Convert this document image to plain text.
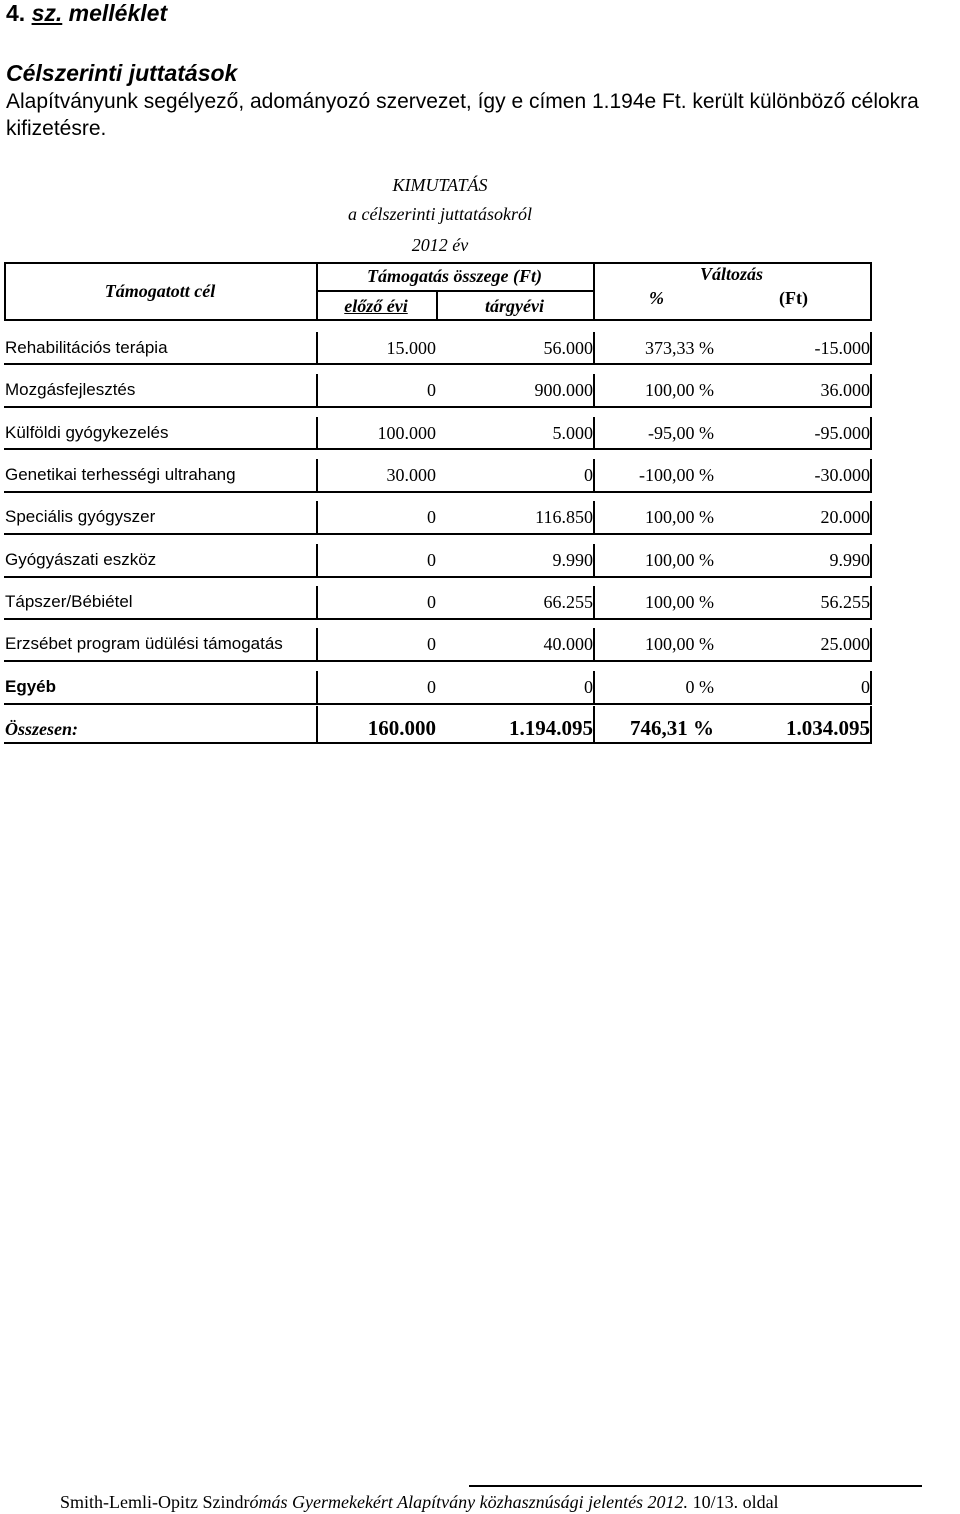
4. sz. melléklet
Célszerinti juttatások
Alapítványunk segélyező, adományozó szervezet, így e címen 1.194e Ft. került különböző célokra
kifizetésre.
KIMUTATÁS
a célszerinti juttatásokról
2012 év
Támogatott cél
Támogatás összege (Ft)
előző évi	tárgyévi
Változás
%	(Ft)
Rehabilitációs terápia	15.000	56.000	373,33 %	-15.000
Mozgásfejlesztés	0	900.000	100,00 %	36.000
Külföldi gyógykezelés	100.000	5.000	-95,00 %	-95.000
Genetikai terhességi ultrahang	30.000	0	-100,00 %	-30.000
Speciális gyógyszer	0	116.850	100,00 %	20.000
Gyógyászati eszköz	0	9.990	100,00 %	9.990
Tápszer/Bébiétel	0	66.255	100,00 %	56.255
Erzsébet program üdülési támogatás	0	40.000	100,00 %	25.000
Egyéb	0	0	0 %	0
Összesen:	160.000	1.194.095 746,31 %	1.034.095
Smith-Lemli-Opitz Szindrómás Gyermekekért Alapítvány közhasznúsági jelentés 2012. 10/13. oldal
